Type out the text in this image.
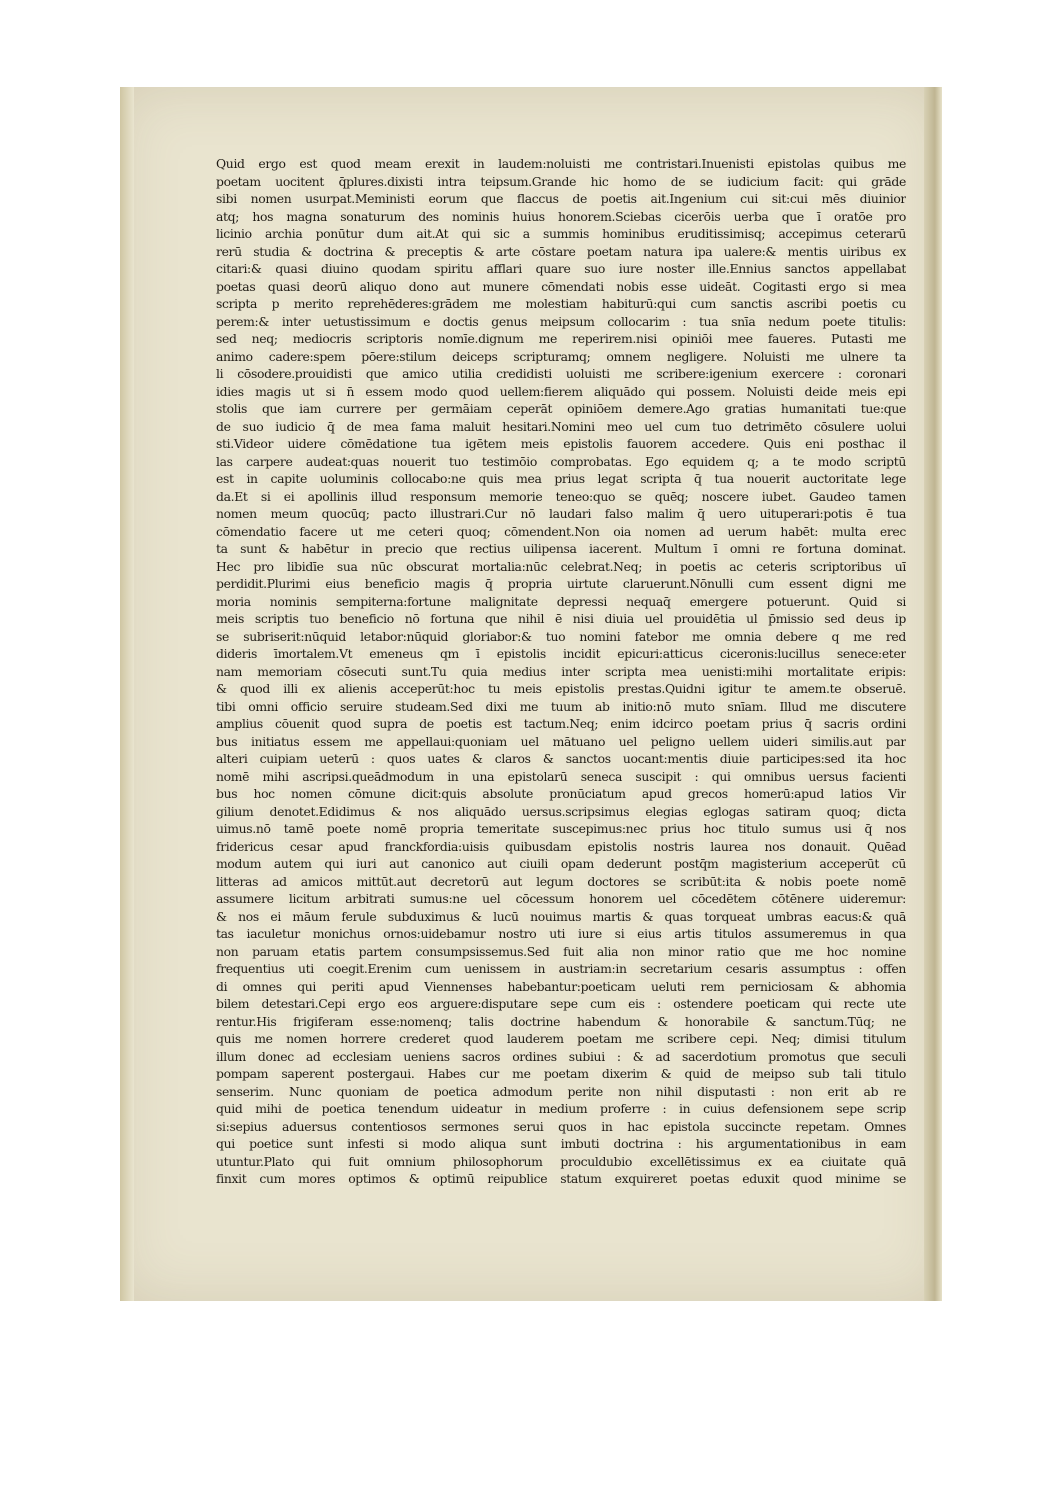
Quid ergo est quod meam erexit in laudem:noluisti me contristari.Inuenisti epistolas quibus me
poetam uocitent q̄plures.dixisti intra teipsum.Grande hic homo de se iudicium facit: qui grāde
sibi nomen usurpat.Meministi eorum que flaccus de poetis ait.Ingenium cui sit:cui mēs diuinior
atq; hos magna sonaturum des nominis huius honorem.Sciebas cicerōis uerba que ī oratōe pro
licinio archia ponūtur dum ait.At qui sic a summis hominibus eruditissimisq; accepimus ceterarū
rerū studia & doctrina & preceptis & arte cōstare poetam natura ipa ualere:& mentis uiribus ex
citari:& quasi diuino quodam spiritu afflari quare suo iure noster ille.Ennius sanctos appellabat
poetas quasi deorū aliquo dono aut munere cōmendati nobis esse uideāt. Cogitasti ergo si mea
scripta p merito reprehēderes:grādem me molestiam habiturū:qui cum sanctis ascribi poetis cu
perem:& inter uetustissimum e doctis genus meipsum collocarim : tua snīa nedum poete titulis:
sed neq; mediocris scriptoris nomīe.dignum me reperirem.nisi opiniōi mee faueres. Putasti me
animo cadere:spem pōere:stilum deiceps scripturamq; omnem negligere. Noluisti me ulnere ta
li cōsodere.prouidisti que amico utilia credidisti uoluisti me scribere:igenium exercere : coronari
idies magis ut si n̄ essem modo quod uellem:fierem aliquādo qui possem. Noluisti deide meis epi
stolis que iam currere per germāiam ceperāt opiniōem demere.Ago gratias humanitati tue:que
de suo iudicio q̄ de mea fama maluit hesitari.Nomini meo uel cum tuo detrimēto cōsulere uolui
sti.Videor uidere cōmēdatione tua igētem meis epistolis fauorem accedere. Quis eni posthac il
las carpere audeat:quas nouerit tuo testimōio comprobatas. Ego equidem q; a te modo scriptū
est in capite uoluminis collocabo:ne quis mea prius legat scripta q̄ tua nouerit auctoritate lege
da.Et si ei apollinis illud responsum memorie teneo:quo se quēq; noscere iubet. Gaudeo tamen
nomen meum quocūq; pacto illustrari.Cur nō laudari falso malim q̄ uero uituperari:potis ē tua
cōmendatio facere ut me ceteri quoq; cōmendent.Non oia nomen ad uerum habēt: multa erec
ta sunt & habētur in precio que rectius uilipensa iacerent. Multum ī omni re fortuna dominat.
Hec pro libidīe sua nūc obscurat mortalia:nūc celebrat.Neq; in poetis ac ceteris scriptoribus uī
perdidit.Plurimi eius beneficio magis q̄ propria uirtute claruerunt.Nōnulli cum essent digni me
moria nominis sempiterna:fortune malignitate depressi nequaq̄ emergere potuerunt. Quid si
meis scriptis tuo beneficio nō fortuna que nihil ē nisi diuia uel prouidētia ul p̄missio sed deus ip
se subriserit:nūquid letabor:nūquid gloriabor:& tuo nomini fatebor me omnia debere q me red
dideris īmortalem.Vt emeneus qm ī epistolis incidit epicuri:atticus ciceronis:lucillus senece:eter
nam memoriam cōsecuti sunt.Tu quia medius inter scripta mea uenisti:mihi mortalitate eripis:
& quod illi ex alienis acceperūt:hoc tu meis epistolis prestas.Quidni igitur te amem.te obseruē.
tibi omni officio seruire studeam.Sed dixi me tuum ab initio:nō muto snīam. Illud me discutere
amplius cōuenit quod supra de poetis est tactum.Neq; enim idcirco poetam prius q̄ sacris ordini
bus initiatus essem me appellaui:quoniam uel mātuano uel peligno uellem uideri similis.aut par
alteri cuipiam ueterū : quos uates & claros & sanctos uocant:mentis diuie participes:sed ita hoc
nomē mihi ascripsi.queādmodum in una epistolarū seneca suscipit : qui omnibus uersus facienti
bus hoc nomen cōmune dicit:quis absolute pronūciatum apud grecos homerū:apud latios Vir
gilium denotet.Edidimus & nos aliquādo uersus.scripsimus elegias eglogas satiram quoq; dicta
uimus.nō tamē poete nomē propria temeritate suscepimus:nec prius hoc titulo sumus usi q̄ nos
fridericus cesar apud franckfordia:uisis quibusdam epistolis nostris laurea nos donauit. Quēad
modum autem qui iuri aut canonico aut ciuili opam dederunt postq̄m magisterium acceperūt cū
litteras ad amicos mittūt.aut decretorū aut legum doctores se scribūt:ita & nobis poete nomē
assumere licitum arbitrati sumus:ne uel cōcessum honorem uel cōcedētem cōtēnere uideremur:
& nos ei māum ferule subduximus & lucū nouimus martis & quas torqueat umbras eacus:& quā
tas iaculetur monichus ornos:uidebamur nostro uti iure si eius artis titulos assumeremus in qua
non paruam etatis partem consumpsissemus.Sed fuit alia non minor ratio que me hoc nomine
frequentius uti coegit.Erenim cum uenissem in austriam:in secretarium cesaris assumptus : offen
di omnes qui periti apud Viennenses habebantur:poeticam ueluti rem perniciosam & abhomia
bilem detestari.Cepi ergo eos arguere:disputare sepe cum eis : ostendere poeticam qui recte ute
rentur.His frigiferam esse:nomenq; talis doctrine habendum & honorabile & sanctum.Tūq; ne
quis me nomen horrere crederet quod lauderem poetam me scribere cepi. Neq; dimisi titulum
illum donec ad ecclesiam ueniens sacros ordines subiui : & ad sacerdotium promotus que seculi
pompam saperent postergaui. Habes cur me poetam dixerim & quid de meipso sub tali titulo
senserim. Nunc quoniam de poetica admodum perite non nihil disputasti : non erit ab re
quid mihi de poetica tenendum uideatur in medium proferre : in cuius defensionem sepe scrip
si:sepius aduersus contentiosos sermones serui quos in hac epistola succincte repetam. Omnes
qui poetice sunt infesti si modo aliqua sunt imbuti doctrina : his argumentationibus in eam
utuntur.Plato qui fuit omnium philosophorum proculdubio excellētissimus ex ea ciuitate quā
finxit cum mores optimos & optimū reipublice statum exquireret poetas eduxit quod minime se
